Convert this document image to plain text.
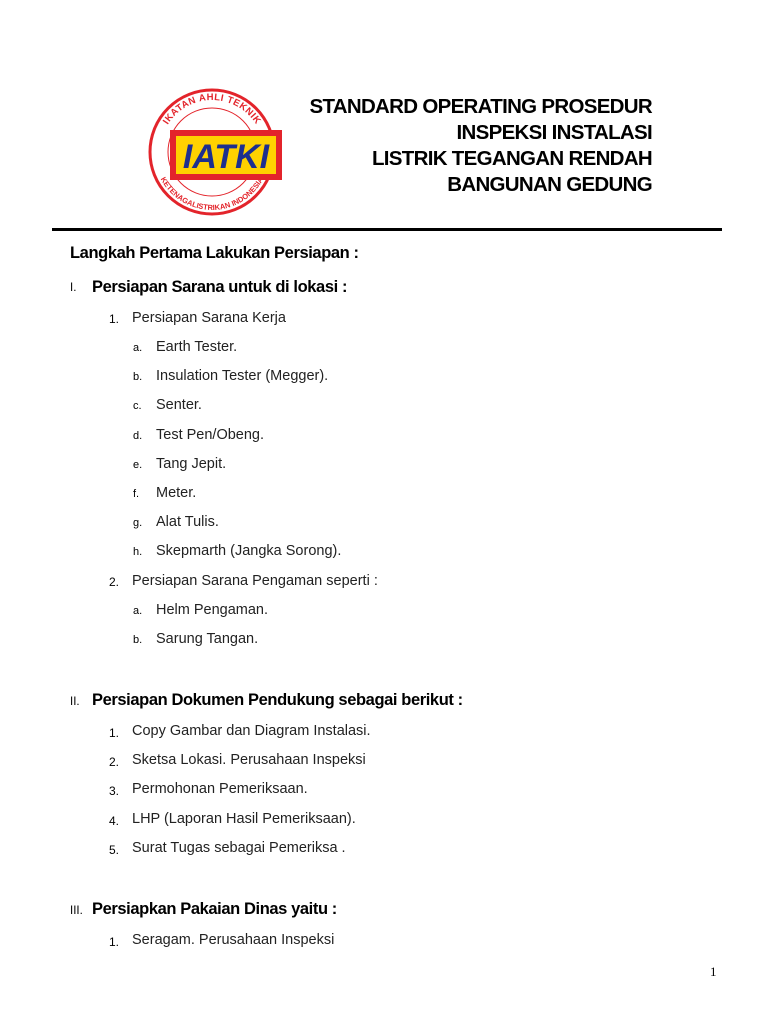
IKATAN AHLI TEKNIK
KETENAGALISTRIKAN INDONESI
IATKI
STANDARD OPERATING PROSEDUR
INSPEKSI INSTALASI
LISTRIK TEGANGAN RENDAH
BANGUNAN GEDUNG
Langkah Pertama Lakukan Persiapan :
I. Persiapan Sarana untuk di lokasi :
1. Persiapan Sarana Kerja
a. Earth Tester.
b. Insulation Tester (Megger).
c. Senter.
d. Test Pen/Obeng.
e. Tang Jepit.
f. Meter.
g. Alat Tulis.
h. Skepmarth (Jangka Sorong).
2. Persiapan Sarana Pengaman seperti :
a. Helm Pengaman.
b. Sarung Tangan.
II. Persiapan Dokumen Pendukung sebagai berikut :
1. Copy Gambar dan Diagram Instalasi.
2. Sketsa Lokasi. Perusahaan Inspeksi
3. Permohonan Pemeriksaan.
4. LHP (Laporan Hasil Pemeriksaan).
5. Surat Tugas sebagai Pemeriksa .
III. Persiapkan Pakaian Dinas yaitu :
1. Seragam. Perusahaan Inspeksi
1
